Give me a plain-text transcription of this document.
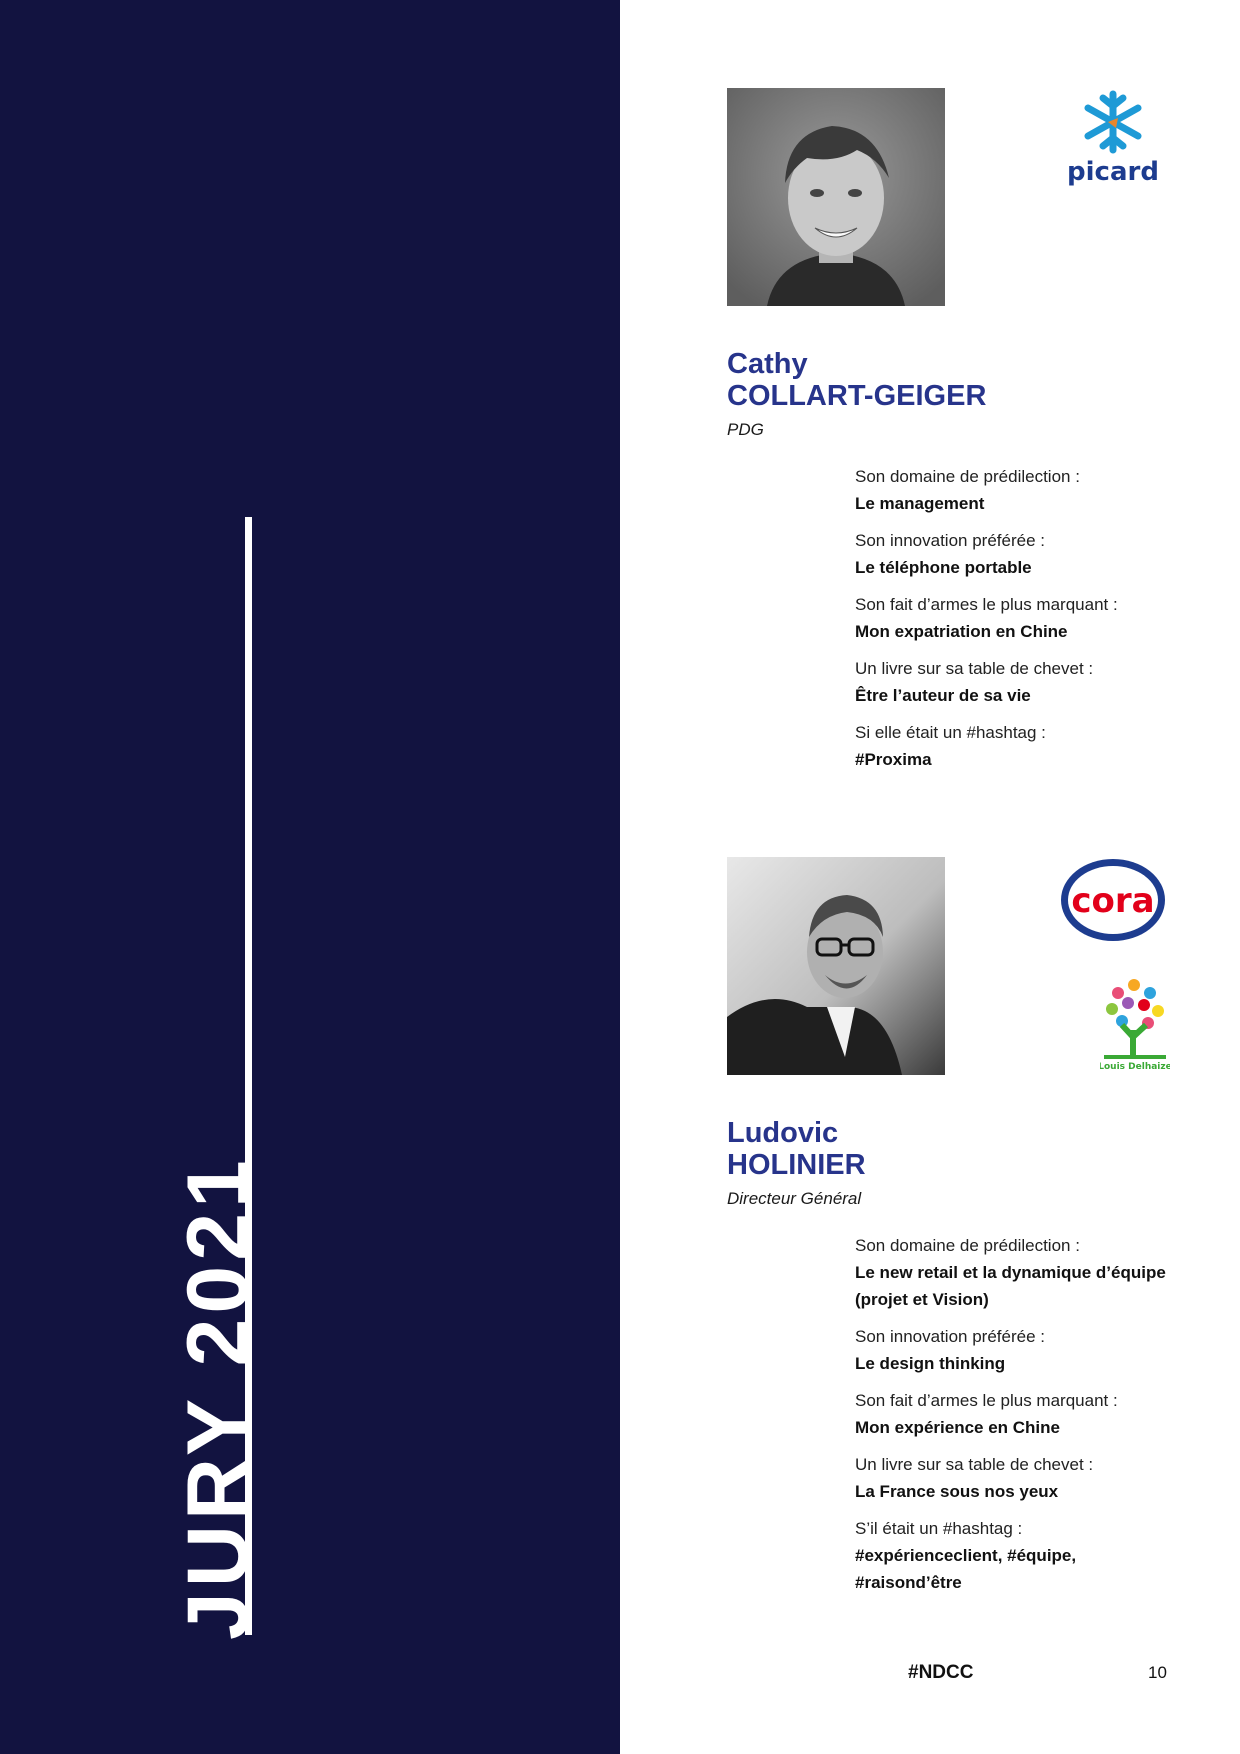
JURY 2021
picard
Cathy
COLLART-GEIGER
PDG
Son domaine de prédilection :
Le management
Son innovation préférée :
Le téléphone portable
Son fait d’armes le plus marquant :
Mon expatriation en Chine
Un livre sur sa table de chevet :
Être l’auteur de sa vie
Si elle était un #hashtag :
#Proxima
cora
Louis Delhaize
Ludovic
HOLINIER
Directeur Général
Son domaine de prédilection :
Le new retail et la dynamique d’équipe (projet et Vision)
Son innovation préférée :
Le design thinking
Son fait d’armes le plus marquant :
Mon expérience en Chine
Un livre sur sa table de chevet :
La France sous nos yeux
S’il était un #hashtag :
#expérienceclient, #équipe, #raisond’être
#NDCC	10
